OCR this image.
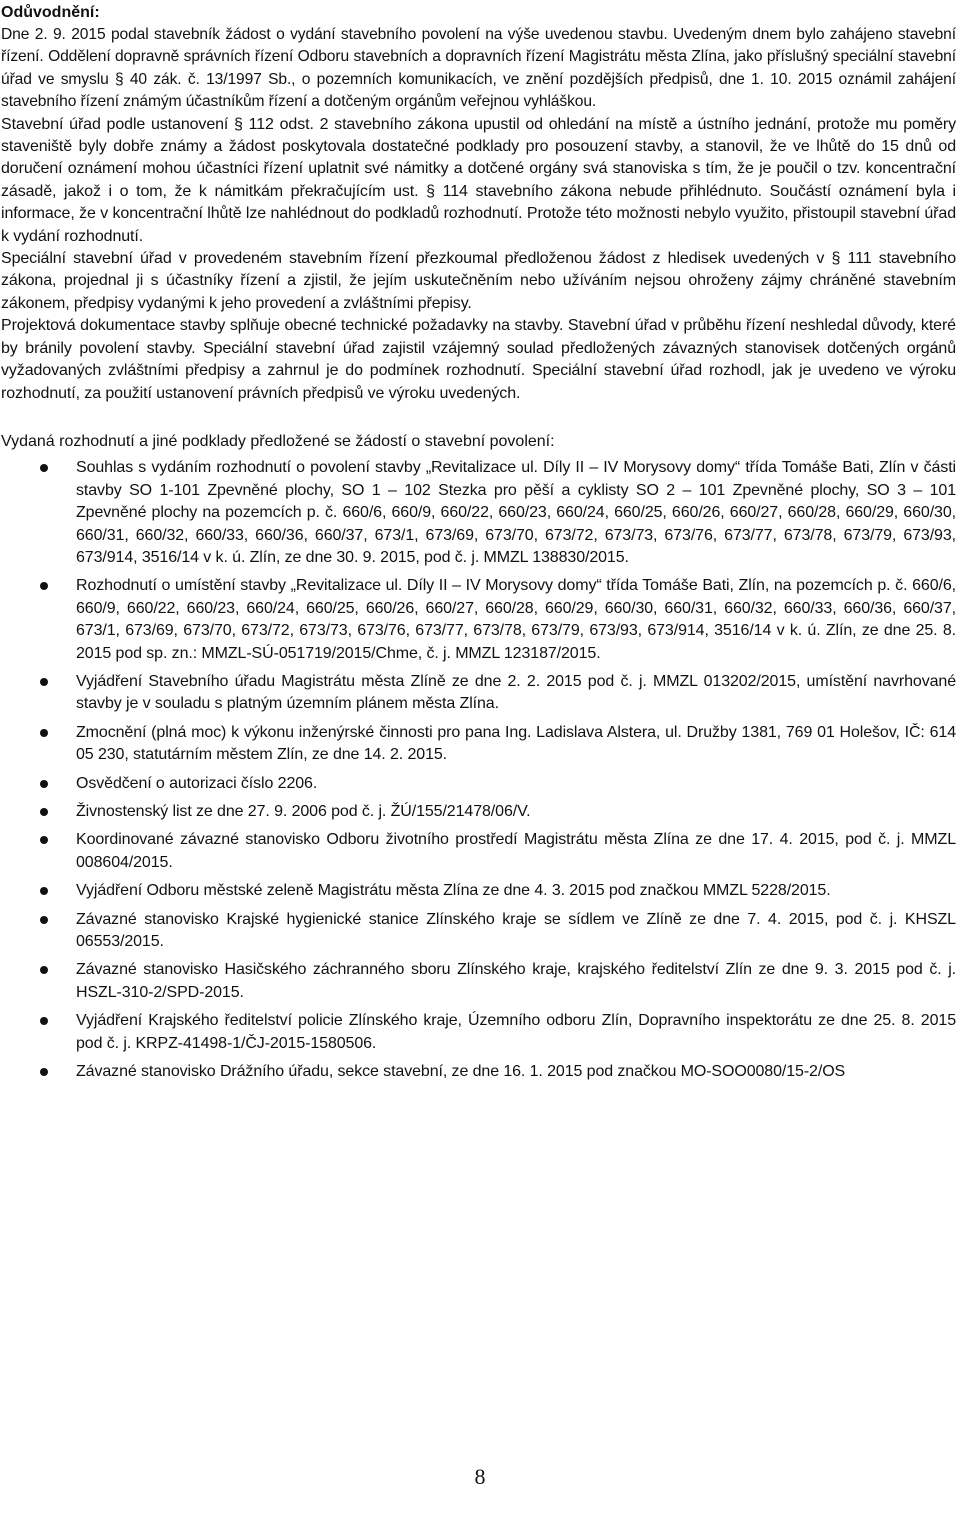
Odůvodnění:

Dne 2. 9. 2015 podal stavebník žádost o vydání stavebního povolení na výše uvedenou stavbu. Uvedeným dnem bylo zahájeno stavební řízení. Oddělení dopravně správních řízení Odboru stavebních a dopravních řízení Magistrátu města Zlína, jako příslušný speciální stavební úřad ve smyslu § 40 zák. č. 13/1997 Sb., o pozemních komunikacích, ve znění pozdějších předpisů, dne 1. 10. 2015 oznámil zahájení stavebního řízení známým účastníkům řízení a dotčeným orgánům veřejnou vyhláškou.

Stavební úřad podle ustanovení § 112 odst. 2 stavebního zákona upustil od ohledání na místě a ústního jednání, protože mu poměry staveniště byly dobře známy a žádost poskytovala dostatečné podklady pro posouzení stavby, a stanovil, že ve lhůtě do 15 dnů od doručení oznámení mohou účastníci řízení uplatnit své námitky a dotčené orgány svá stanoviska s tím, že je poučil o tzv. koncentrační zásadě, jakož i o tom, že k námitkám překračujícím ust. § 114 stavebního zákona nebude přihlédnuto. Součástí oznámení byla i informace, že v koncentrační lhůtě lze nahlédnout do podkladů rozhodnutí. Protože této možnosti nebylo využito, přistoupil stavební úřad k vydání rozhodnutí.

Speciální stavební úřad v provedeném stavebním řízení přezkoumal předloženou žádost z hledisek uvedených v § 111 stavebního zákona, projednal ji s účastníky řízení a zjistil, že jejím uskutečněním nebo užíváním nejsou ohroženy zájmy chráněné stavebním zákonem, předpisy vydanými k jeho provedení a zvláštními přepisy.

Projektová dokumentace stavby splňuje obecné technické požadavky na stavby. Stavební úřad v průběhu řízení neshledal důvody, které by bránily povolení stavby. Speciální stavební úřad zajistil vzájemný soulad předložených závazných stanovisek dotčených orgánů vyžadovaných zvláštními předpisy a zahrnul je do podmínek rozhodnutí. Speciální stavební úřad rozhodl, jak je uvedeno ve výroku rozhodnutí, za použití ustanovení právních předpisů ve výroku uvedených.

Vydaná rozhodnutí a jiné podklady předložené se žádostí o stavební povolení:
Souhlas s vydáním rozhodnutí o povolení stavby „Revitalizace ul. Díly II – IV Morysovy domy“ třída Tomáše Bati, Zlín v části stavby SO 1-101 Zpevněné plochy, SO 1 – 102 Stezka pro pěší a cyklisty SO 2 – 101 Zpevněné plochy, SO 3 – 101 Zpevněné plochy na pozemcích p. č. 660/6, 660/9, 660/22, 660/23, 660/24, 660/25, 660/26, 660/27, 660/28, 660/29, 660/30, 660/31, 660/32, 660/33, 660/36, 660/37, 673/1, 673/69, 673/70, 673/72, 673/73, 673/76, 673/77, 673/78, 673/79, 673/93, 673/914, 3516/14 v k. ú. Zlín, ze dne 30. 9. 2015, pod č. j. MMZL 138830/2015.
Rozhodnutí o umístění stavby „Revitalizace ul. Díly II – IV Morysovy domy“ třída Tomáše Bati, Zlín, na pozemcích p. č. 660/6, 660/9, 660/22, 660/23, 660/24, 660/25, 660/26, 660/27, 660/28, 660/29, 660/30, 660/31, 660/32, 660/33, 660/36, 660/37, 673/1, 673/69, 673/70, 673/72, 673/73, 673/76, 673/77, 673/78, 673/79, 673/93, 673/914, 3516/14 v k. ú. Zlín, ze dne 25. 8. 2015 pod sp. zn.: MMZL-SÚ-051719/2015/Chme, č. j. MMZL 123187/2015.
Vyjádření Stavebního úřadu Magistrátu města Zlíně ze dne 2. 2. 2015 pod č. j. MMZL 013202/2015, umístění navrhované stavby je v souladu s platným územním plánem města Zlína.
Zmocnění (plná moc) k výkonu inženýrské činnosti pro pana Ing. Ladislava Alstera, ul. Družby 1381, 769 01 Holešov, IČ: 614 05 230, statutárním městem Zlín, ze dne 14. 2. 2015.
Osvědčení o autorizaci číslo 2206.
Živnostenský list ze dne 27. 9. 2006 pod č. j. ŽÚ/155/21478/06/V.
Koordinované závazné stanovisko Odboru životního prostředí Magistrátu města Zlína ze dne 17. 4. 2015, pod č. j. MMZL 008604/2015.
Vyjádření Odboru městské zeleně Magistrátu města Zlína ze dne 4. 3. 2015 pod značkou MMZL 5228/2015.
Závazné stanovisko Krajské hygienické stanice Zlínského kraje se sídlem ve Zlíně ze dne 7. 4. 2015, pod č. j. KHSZL 06553/2015.
Závazné stanovisko Hasičského záchranného sboru Zlínského kraje, krajského ředitelství Zlín ze dne 9. 3. 2015 pod č. j. HSZL-310-2/SPD-2015.
Vyjádření Krajského ředitelství policie Zlínského kraje, Územního odboru Zlín, Dopravního inspektorátu ze dne 25. 8. 2015 pod č. j. KRPZ-41498-1/ČJ-2015-1580506.
Závazné stanovisko Drážního úřadu, sekce stavební, ze dne 16. 1. 2015 pod značkou MO-SOO0080/15-2/OS
8
